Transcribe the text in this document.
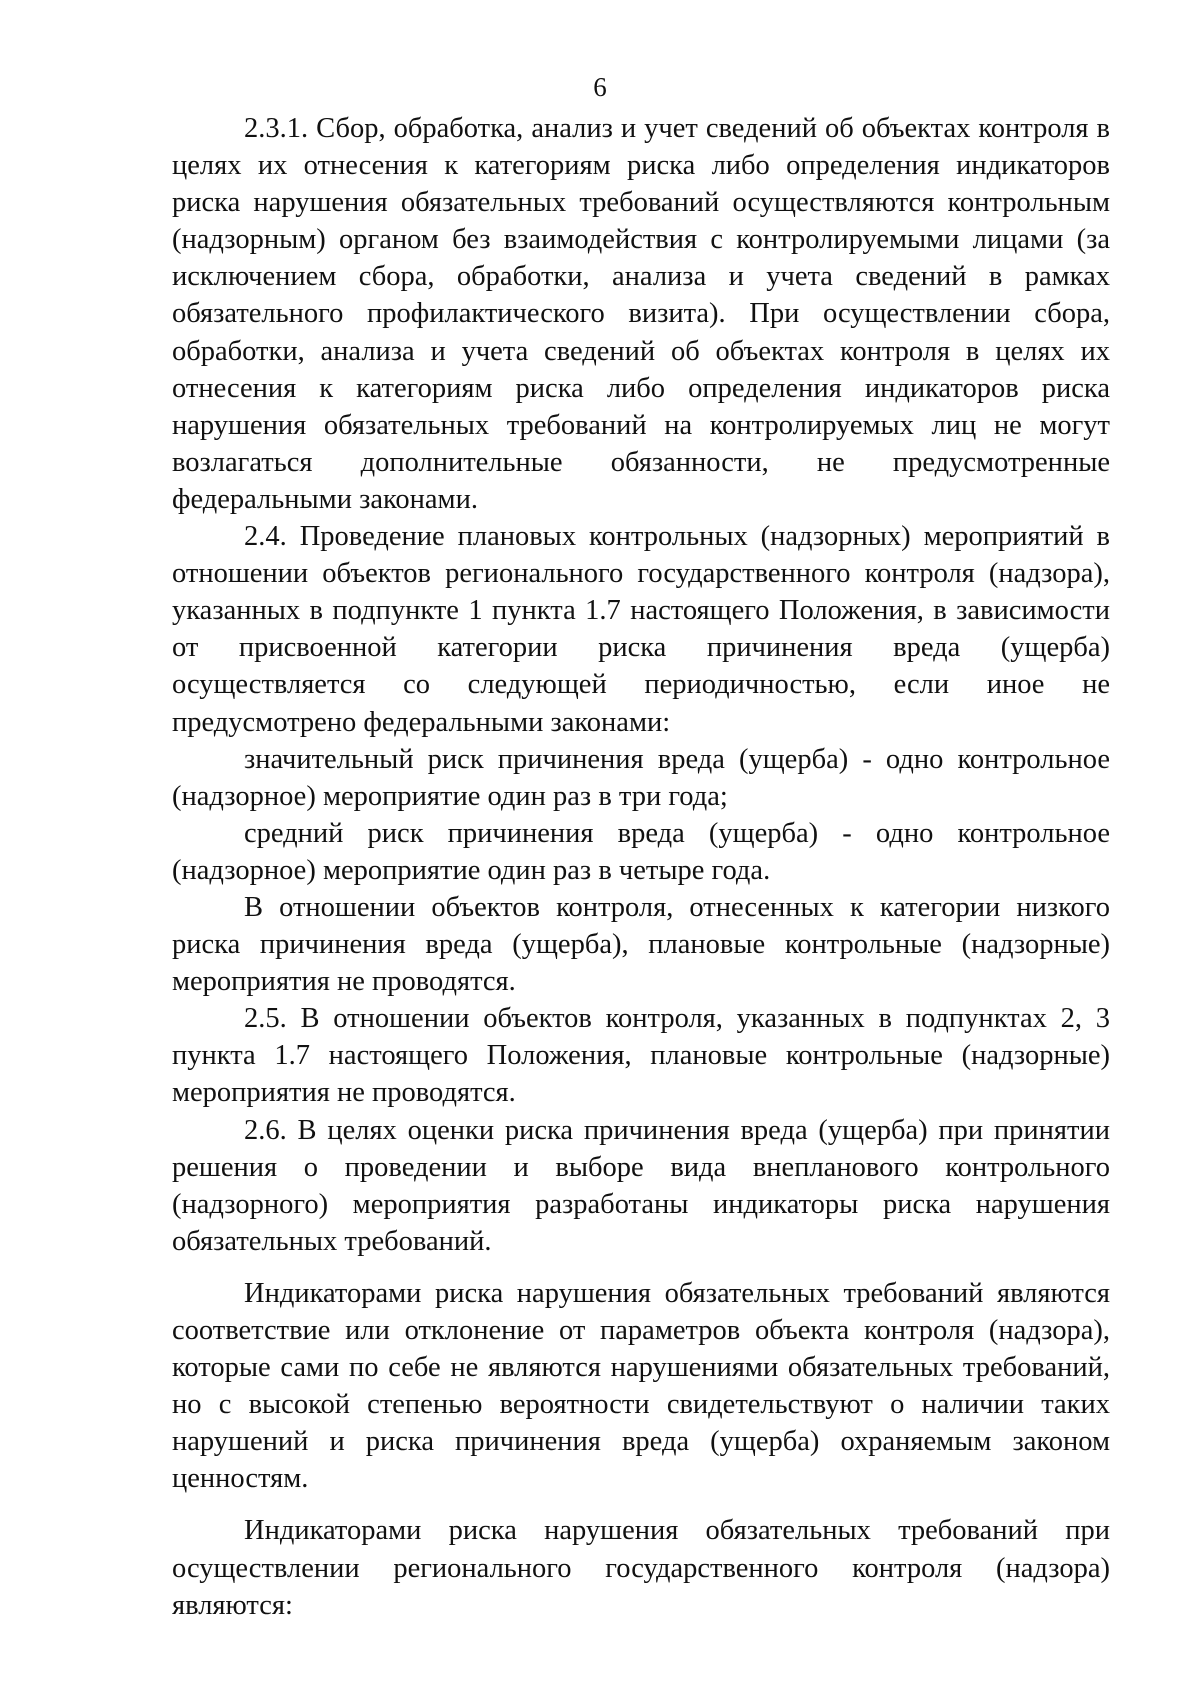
6

2.3.1. Сбор, обработка, анализ и учет сведений об объектах контроля в целях их отнесения к категориям риска либо определения индикаторов риска нарушения обязательных требований осуществляются контрольным (надзорным) органом без взаимодействия с контролируемыми лицами (за исключением сбора, обработки, анализа и учета сведений в рамках обязательного профилактического визита). При осуществлении сбора, обработки, анализа и учета сведений об объектах контроля в целях их отнесения к категориям риска либо определения индикаторов риска нарушения обязательных требований на контролируемых лиц не могут возлагаться дополнительные обязанности, не предусмотренные федеральными законами.

2.4. Проведение плановых контрольных (надзорных) мероприятий в отношении объектов регионального государственного контроля (надзора), указанных в подпункте 1 пункта 1.7 настоящего Положения, в зависимости от присвоенной категории риска причинения вреда (ущерба) осуществляется со следующей периодичностью, если иное не предусмотрено федеральными законами:

значительный риск причинения вреда (ущерба) - одно контрольное (надзорное) мероприятие один раз в три года;

средний риск причинения вреда (ущерба) - одно контрольное (надзорное) мероприятие один раз в четыре года.

В отношении объектов контроля, отнесенных к категории низкого риска причинения вреда (ущерба), плановые контрольные (надзорные) мероприятия не проводятся.

2.5. В отношении объектов контроля, указанных в подпунктах 2, 3 пункта 1.7 настоящего Положения, плановые контрольные (надзорные) мероприятия не проводятся.

2.6. В целях оценки риска причинения вреда (ущерба) при принятии решения о проведении и выборе вида внепланового контрольного (надзорного) мероприятия разработаны индикаторы риска нарушения обязательных требований.

Индикаторами риска нарушения обязательных требований являются соответствие или отклонение от параметров объекта контроля (надзора), которые сами по себе не являются нарушениями обязательных требований, но с высокой степенью вероятности свидетельствуют о наличии таких нарушений и риска причинения вреда (ущерба) охраняемым законом ценностям.

Индикаторами риска нарушения обязательных требований при осуществлении регионального государственного контроля (надзора) являются:
